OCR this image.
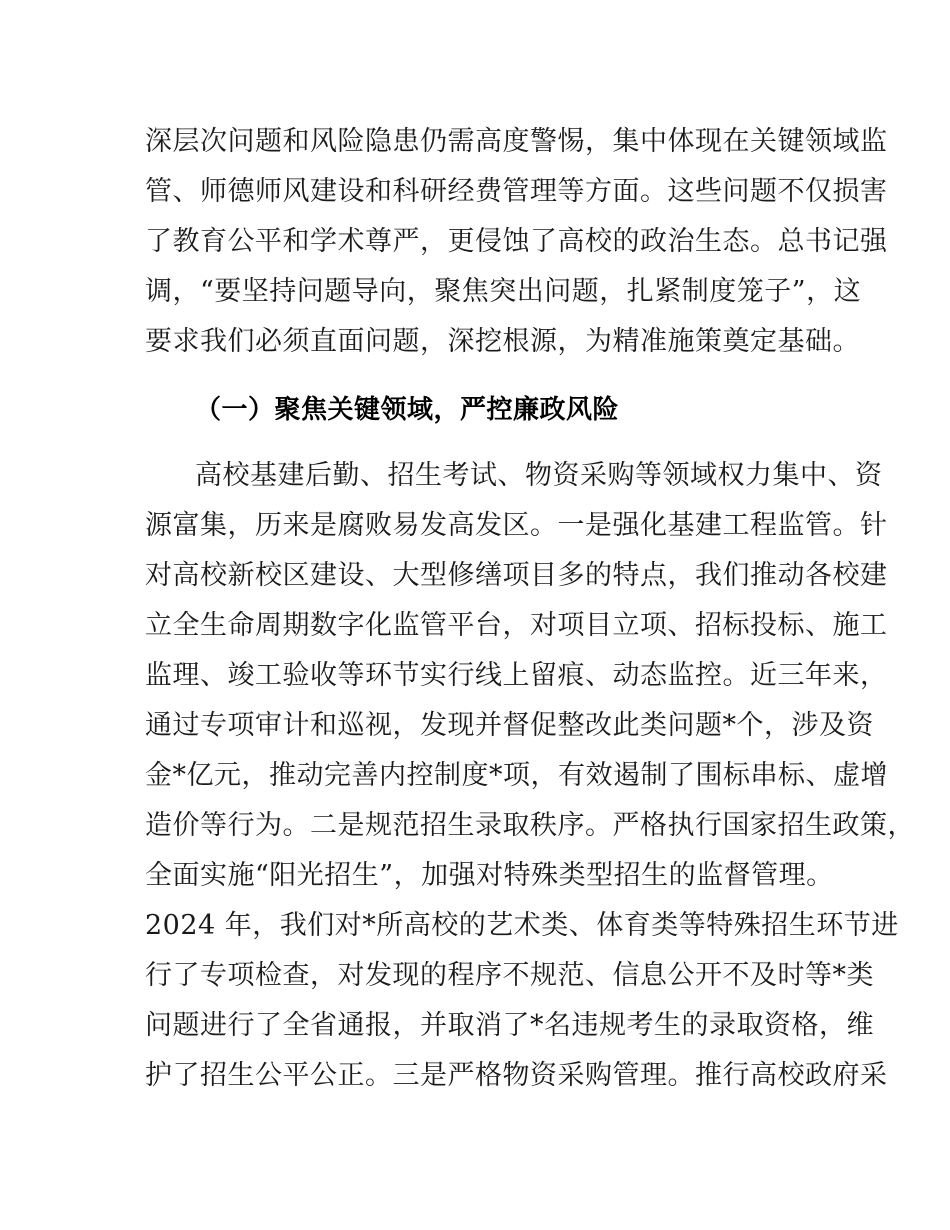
深层次问题和风险隐患仍需高度警惕，集中体现在关键领域监
管、师德师风建设和科研经费管理等方面。这些问题不仅损害
了教育公平和学术尊严，更侵蚀了高校的政治生态。总书记强
调，“要坚持问题导向，聚焦突出问题，扎紧制度笼子”，这
要求我们必须直面问题，深挖根源，为精准施策奠定基础。
（一）聚焦关键领域，严控廉政风险
高校基建后勤、招生考试、物资采购等领域权力集中、资
源富集，历来是腐败易发高发区。一是强化基建工程监管。针
对高校新校区建设、大型修缮项目多的特点，我们推动各校建
立全生命周期数字化监管平台，对项目立项、招标投标、施工
监理、竣工验收等环节实行线上留痕、动态监控。近三年来，
通过专项审计和巡视，发现并督促整改此类问题*个，涉及资
金*亿元，推动完善内控制度*项，有效遏制了围标串标、虚增
造价等行为。二是规范招生录取秩序。严格执行国家招生政策，
全面实施“阳光招生”，加强对特殊类型招生的监督管理。
2024 年，我们对*所高校的艺术类、体育类等特殊招生环节进
行了专项检查，对发现的程序不规范、信息公开不及时等*类
问题进行了全省通报，并取消了*名违规考生的录取资格，维
护了招生公平公正。三是严格物资采购管理。推行高校政府采
